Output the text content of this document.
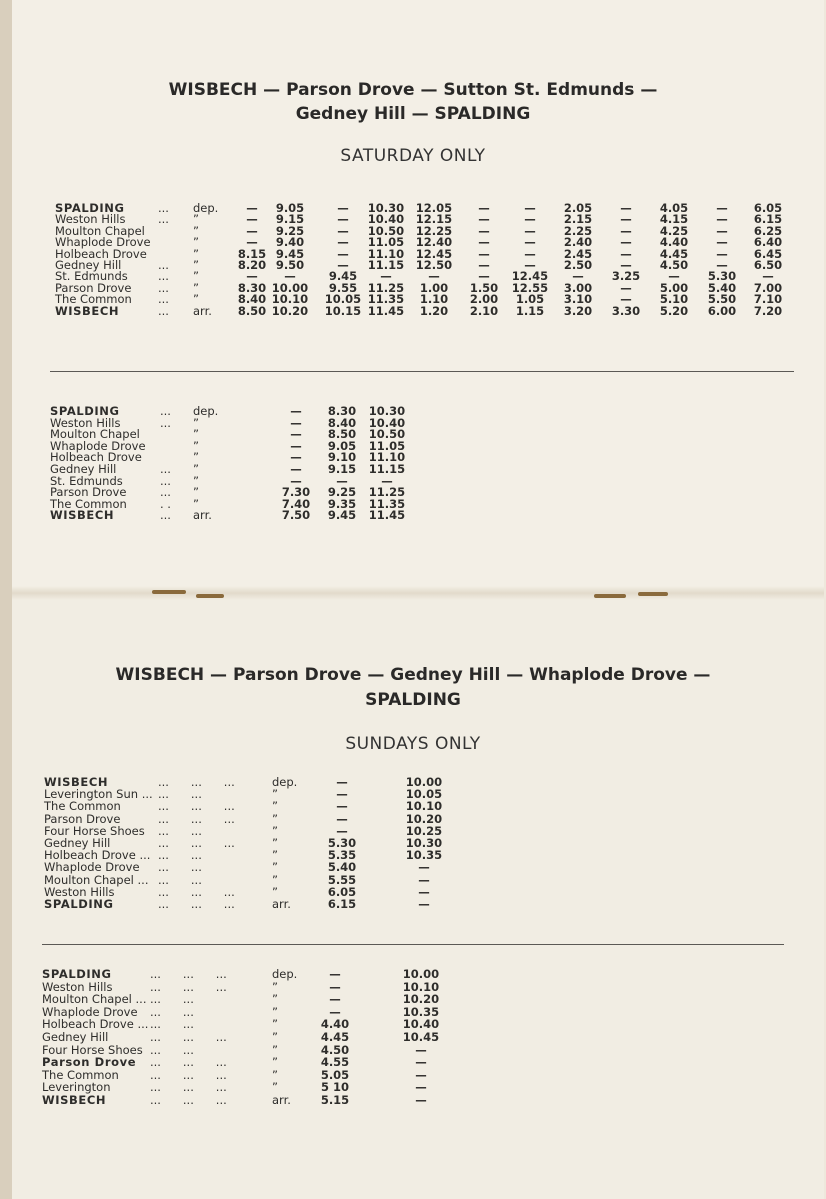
WISBECH — Parson Drove — Sutton St. Edmunds —
Gedney Hill — SPALDING
SATURDAY ONLY
SPALDING	... dep.	—	9.05	—	10.30 12.05	—	—	2.05	—	4.05	—	6.05
Weston Hills	... ”	—	9.15	—	10.40 12.15	—	—	2.15	—	4.15	—	6.15
Moulton Chapel	”	—	9.25	—	10.50 12.25	—	—	2.25	—	4.25	—	6.25
Whaplode Drove	”	—	9.40	—	11.05 12.40	—	—	2.40	—	4.40	—	6.40
Holbeach Drove	”	8.15 9.45	—	11.10 12.45	—	—	2.45	—	4.45	—	6.45
Gedney Hill	... ”	8.20 9.50	—	11.15 12.50	—	—	2.50	—	4.50	—	6.50
St. Edmunds	... ”	—	—	9.45	—	—	—	12.45	—	3.25	—	5.30	—
Parson Drove ... ”	8.30 10.00	9.55 11.25	1.00	1.50	12.55	3.00	—	5.00	5.40	7.00
The Common ... ”	8.40 10.10 10.05 11.35	1.10	2.00	1.05	3.10	—	5.10	5.50	7.10
WISBECH	... arr.	8.50 10.20 10.15 11.45	1.20	2.10	1.15	3.20	3.30	5.20	6.00	7.20
SPALDING	... dep.	—	8.30	10.30
Weston Hills	... ”	—	8.40	10.40
Moulton Chapel	”	—	8.50	10.50
Whaplode Drove	”	—	9.05	11.05
Holbeach Drove	”	—	9.10	11.10
Gedney Hill	... ”	—	9.15	11.15
St. Edmunds	... ”	—	—	—
Parson Drove	... ”	7.30	9.25	11.25
The Common	. . ”	7.40	9.35	11.35
WISBECH	... arr.	7.50	9.45	11.45
WISBECH — Parson Drove — Gedney Hill — Whaplode Drove —
SPALDING
SUNDAYS ONLY
WISBECH	...      ...      ...	dep.	—	10.00
Leverington Sun ... ...      ...	”	—	10.05
The Common	...      ...      ...	”	—	10.10
Parson Drove	...      ...      ...	”	—	10.20
Four Horse Shoes ...      ...	”	—	10.25
Gedney Hill	...      ...      ...	”	5.30	10.30
Holbeach Drove ... ...      ...	”	5.35	10.35
Whaplode Drove ...      ...	”	5.40	—
Moulton Chapel ... ...      ...	”	5.55	—
Weston Hills	...      ...      ...	”	6.05	—
SPALDING	...      ...      ...	arr.	6.15	—
SPALDING	...      ...      ...	dep.	—	10.00
Weston Hills	...      ...      ...	”	—	10.10
Moulton Chapel ... ...      ...	”	—	10.20
Whaplode Drove ...      ...	”	—	10.35
Holbeach Drove ... ...      ...	”	4.40	10.40
Gedney Hill	...      ...      ...	”	4.45	10.45
Four Horse Shoes ...      ...	”	4.50	—
Parson Drove ...      ...      ...	”	4.55	—
The Common	...      ...      ...	”	5.05	—
Leverington	...      ...      ...	”	5 10	—
WISBECH	...      ...      ...	arr.	5.15	—
